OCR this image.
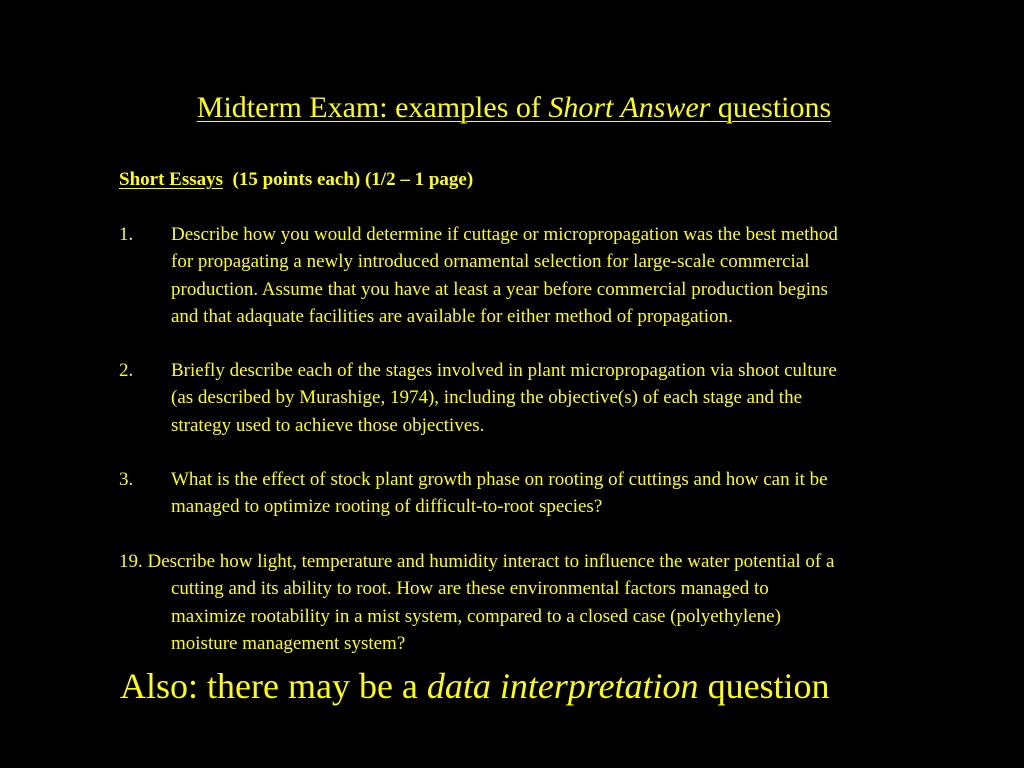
Midterm Exam: examples of Short Answer questions
Short Essays (15 points each) (1/2 – 1 page)
1. Describe how you would determine if cuttage or micropropagation was the best method
for propagating a newly introduced ornamental selection for large-scale commercial
production. Assume that you have at least a year before commercial production begins
and that adaquate facilities are available for either method of propagation.
2. Briefly describe each of the stages involved in plant micropropagation via shoot culture
(as described by Murashige, 1974), including the objective(s) of each stage and the
strategy used to achieve those objectives.
3. What is the effect of stock plant growth phase on rooting of cuttings and how can it be
managed to optimize rooting of difficult-to-root species?
19. Describe how light, temperature and humidity interact to influence the water potential of a
cutting and its ability to root. How are these environmental factors managed to
maximize rootability in a mist system, compared to a closed case (polyethylene)
moisture management system?
Also: there may be a data interpretation question
